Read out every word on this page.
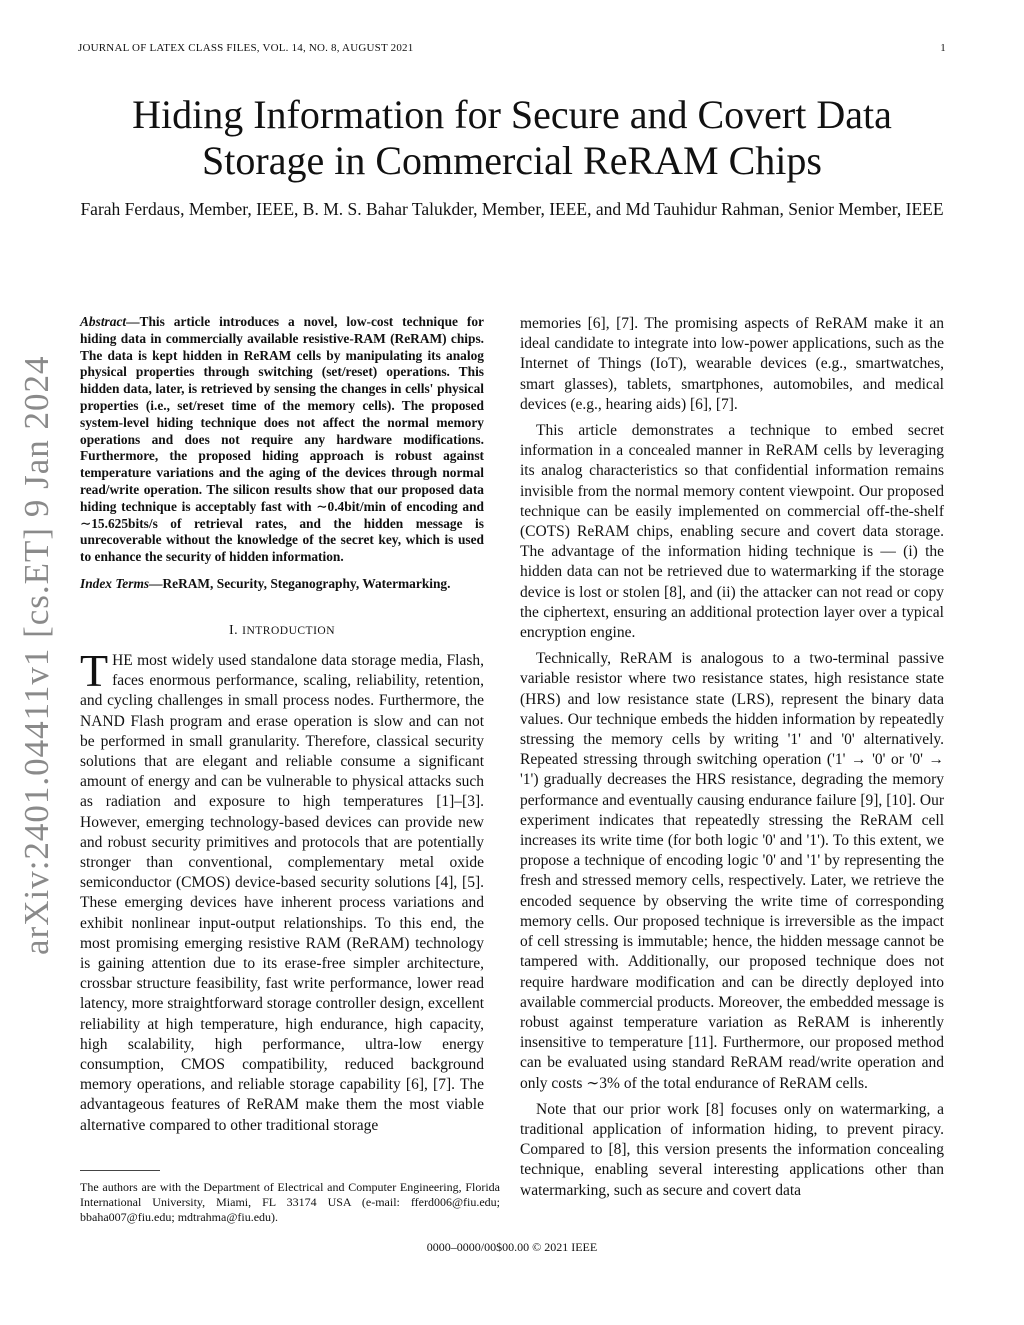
JOURNAL OF LATEX CLASS FILES, VOL. 14, NO. 8, AUGUST 2021	1
arXiv:2401.04411v1 [cs.ET] 9 Jan 2024
Hiding Information for Secure and Covert Data Storage in Commercial ReRAM Chips
Farah Ferdaus, Member, IEEE, B. M. S. Bahar Talukder, Member, IEEE, and Md Tauhidur Rahman, Senior Member, IEEE
Abstract—This article introduces a novel, low-cost technique for hiding data in commercially available resistive-RAM (ReRAM) chips. The data is kept hidden in ReRAM cells by manipulating its analog physical properties through switching (set/reset) operations. This hidden data, later, is retrieved by sensing the changes in cells' physical properties (i.e., set/reset time of the memory cells). The proposed system-level hiding technique does not affect the normal memory operations and does not require any hardware modifications. Furthermore, the proposed hiding approach is robust against temperature variations and the aging of the devices through normal read/write operation. The silicon results show that our proposed data hiding technique is acceptably fast with ∼0.4bit/min of encoding and ∼15.625bits/s of retrieval rates, and the hidden message is unrecoverable without the knowledge of the secret key, which is used to enhance the security of hidden information.
Index Terms—ReRAM, Security, Steganography, Watermarking.
I. INTRODUCTION

THE most widely used standalone data storage media, Flash, faces enormous performance, scaling, reliability, retention, and cycling challenges in small process nodes. Furthermore, the NAND Flash program and erase operation is slow and can not be performed in small granularity. Therefore, classical security solutions that are elegant and reliable consume a significant amount of energy and can be vulnerable to physical attacks such as radiation and exposure to high temperatures [1]–[3]. However, emerging technology-based devices can provide new and robust security primitives and protocols that are potentially stronger than conventional, complementary metal oxide semiconductor (CMOS) device-based security solutions [4], [5]. These emerging devices have inherent process variations and exhibit nonlinear input-output relationships. To this end, the most promising emerging resistive RAM (ReRAM) technology is gaining attention due to its erase-free simpler architecture, crossbar structure feasibility, fast write performance, lower read latency, more straightforward storage controller design, excellent reliability at high temperature, high endurance, high capacity, high scalability, high performance, ultra-low energy consumption, CMOS compatibility, reduced background memory operations, and reliable storage capability [6], [7]. The advantageous features of ReRAM make them the most viable alternative compared to other traditional storage

memories [6], [7]. The promising aspects of ReRAM make it an ideal candidate to integrate into low-power applications, such as the Internet of Things (IoT), wearable devices (e.g., smartwatches, smart glasses), tablets, smartphones, automobiles, and medical devices (e.g., hearing aids) [6], [7].

This article demonstrates a technique to embed secret information in a concealed manner in ReRAM cells by leveraging its analog characteristics so that confidential information remains invisible from the normal memory content viewpoint. Our proposed technique can be easily implemented on commercial off-the-shelf (COTS) ReRAM chips, enabling secure and covert data storage. The advantage of the information hiding technique is — (i) the hidden data can not be retrieved due to watermarking if the storage device is lost or stolen [8], and (ii) the attacker can not read or copy the ciphertext, ensuring an additional protection layer over a typical encryption engine.

Technically, ReRAM is analogous to a two-terminal passive variable resistor where two resistance states, high resistance state (HRS) and low resistance state (LRS), represent the binary data values. Our technique embeds the hidden information by repeatedly stressing the memory cells by writing '1' and '0' alternatively. Repeated stressing through switching operation ('1' → '0' or '0' → '1') gradually decreases the HRS resistance, degrading the memory performance and eventually causing endurance failure [9], [10]. Our experiment indicates that repeatedly stressing the ReRAM cell increases its write time (for both logic '0' and '1'). To this extent, we propose a technique of encoding logic '0' and '1' by representing the fresh and stressed memory cells, respectively. Later, we retrieve the encoded sequence by observing the write time of corresponding memory cells. Our proposed technique is irreversible as the impact of cell stressing is immutable; hence, the hidden message cannot be tampered with. Additionally, our proposed technique does not require hardware modification and can be directly deployed into available commercial products. Moreover, the embedded message is robust against temperature variation as ReRAM is inherently insensitive to temperature [11]. Furthermore, our proposed method can be evaluated using standard ReRAM read/write operation and only costs ∼3% of the total endurance of ReRAM cells.

Note that our prior work [8] focuses only on watermarking, a traditional application of information hiding, to prevent piracy. Compared to [8], this version presents the information concealing technique, enabling several interesting applications other than watermarking, such as secure and covert data

The authors are with the Department of Electrical and Computer Engineering, Florida International University, Miami, FL 33174 USA (e-mail: fferd006@fiu.edu; bbaha007@fiu.edu; mdtrahma@fiu.edu).
0000–0000/00$00.00 © 2021 IEEE
